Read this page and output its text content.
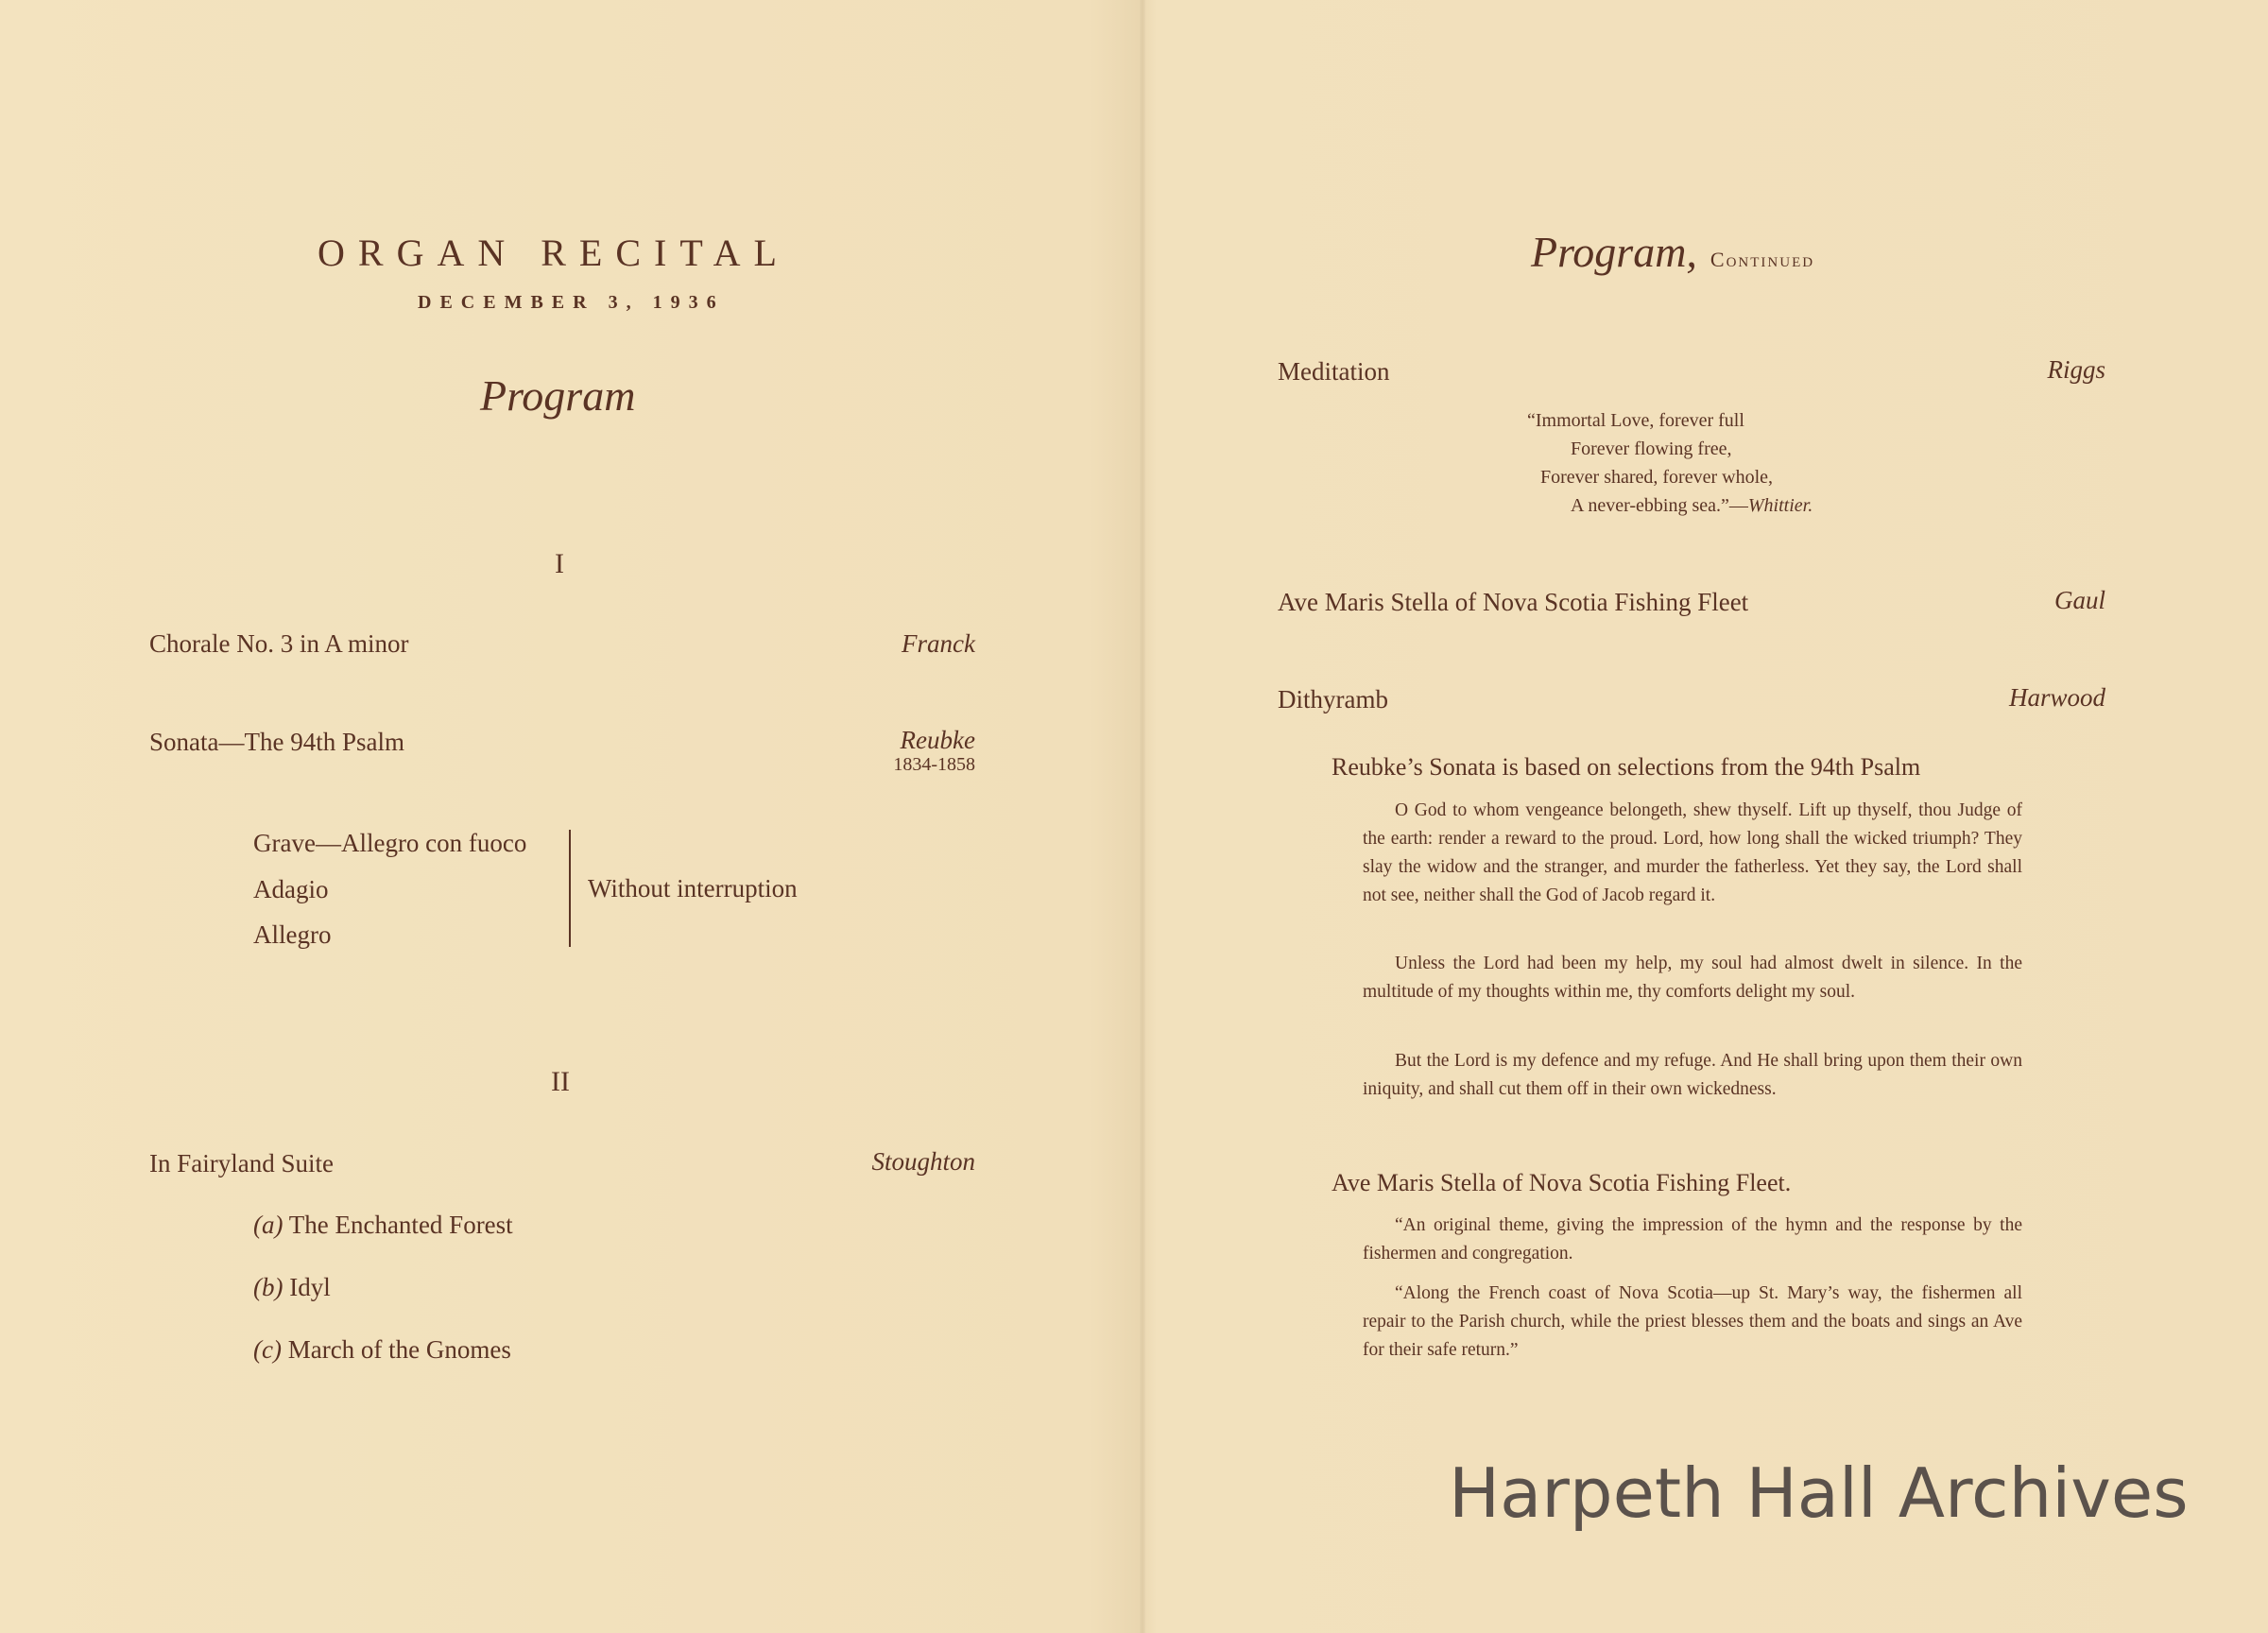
ORGAN RECITAL
DECEMBER 3, 1936
Program
I
Chorale No. 3 in A minor	Franck
Sonata—The 94th Psalm	Reubke
1834-1858
Grave—Allegro con fuoco
Adagio
Allegro
Without interruption
II
In Fairyland Suite	Stoughton
(a) The Enchanted Forest
(b) Idyl
(c) March of the Gnomes
Program, Continued
Meditation	Riggs
“Immortal Love, forever full
Forever flowing free,
Forever shared, forever whole,
A never-ebbing sea.”—Whittier.
Ave Maris Stella of Nova Scotia Fishing Fleet	Gaul
Dithyramb	Harwood
Reubke’s Sonata is based on selections from the 94th Psalm
O God to whom vengeance belongeth, shew thyself. Lift up thyself, thou Judge of the earth: render a reward to the proud. Lord, how long shall the wicked triumph? They slay the widow and the stranger, and murder the fatherless. Yet they say, the Lord shall not see, neither shall the God of Jacob regard it.
Unless the Lord had been my help, my soul had almost dwelt in silence. In the multitude of my thoughts within me, thy comforts delight my soul.
But the Lord is my defence and my refuge. And He shall bring upon them their own iniquity, and shall cut them off in their own wickedness.
Ave Maris Stella of Nova Scotia Fishing Fleet.
“An original theme, giving the impression of the hymn and the response by the fishermen and congregation.
“Along the French coast of Nova Scotia—up St. Mary’s way, the fishermen all repair to the Parish church, while the priest blesses them and the boats and sings an Ave for their safe return.”
Harpeth Hall Archives
